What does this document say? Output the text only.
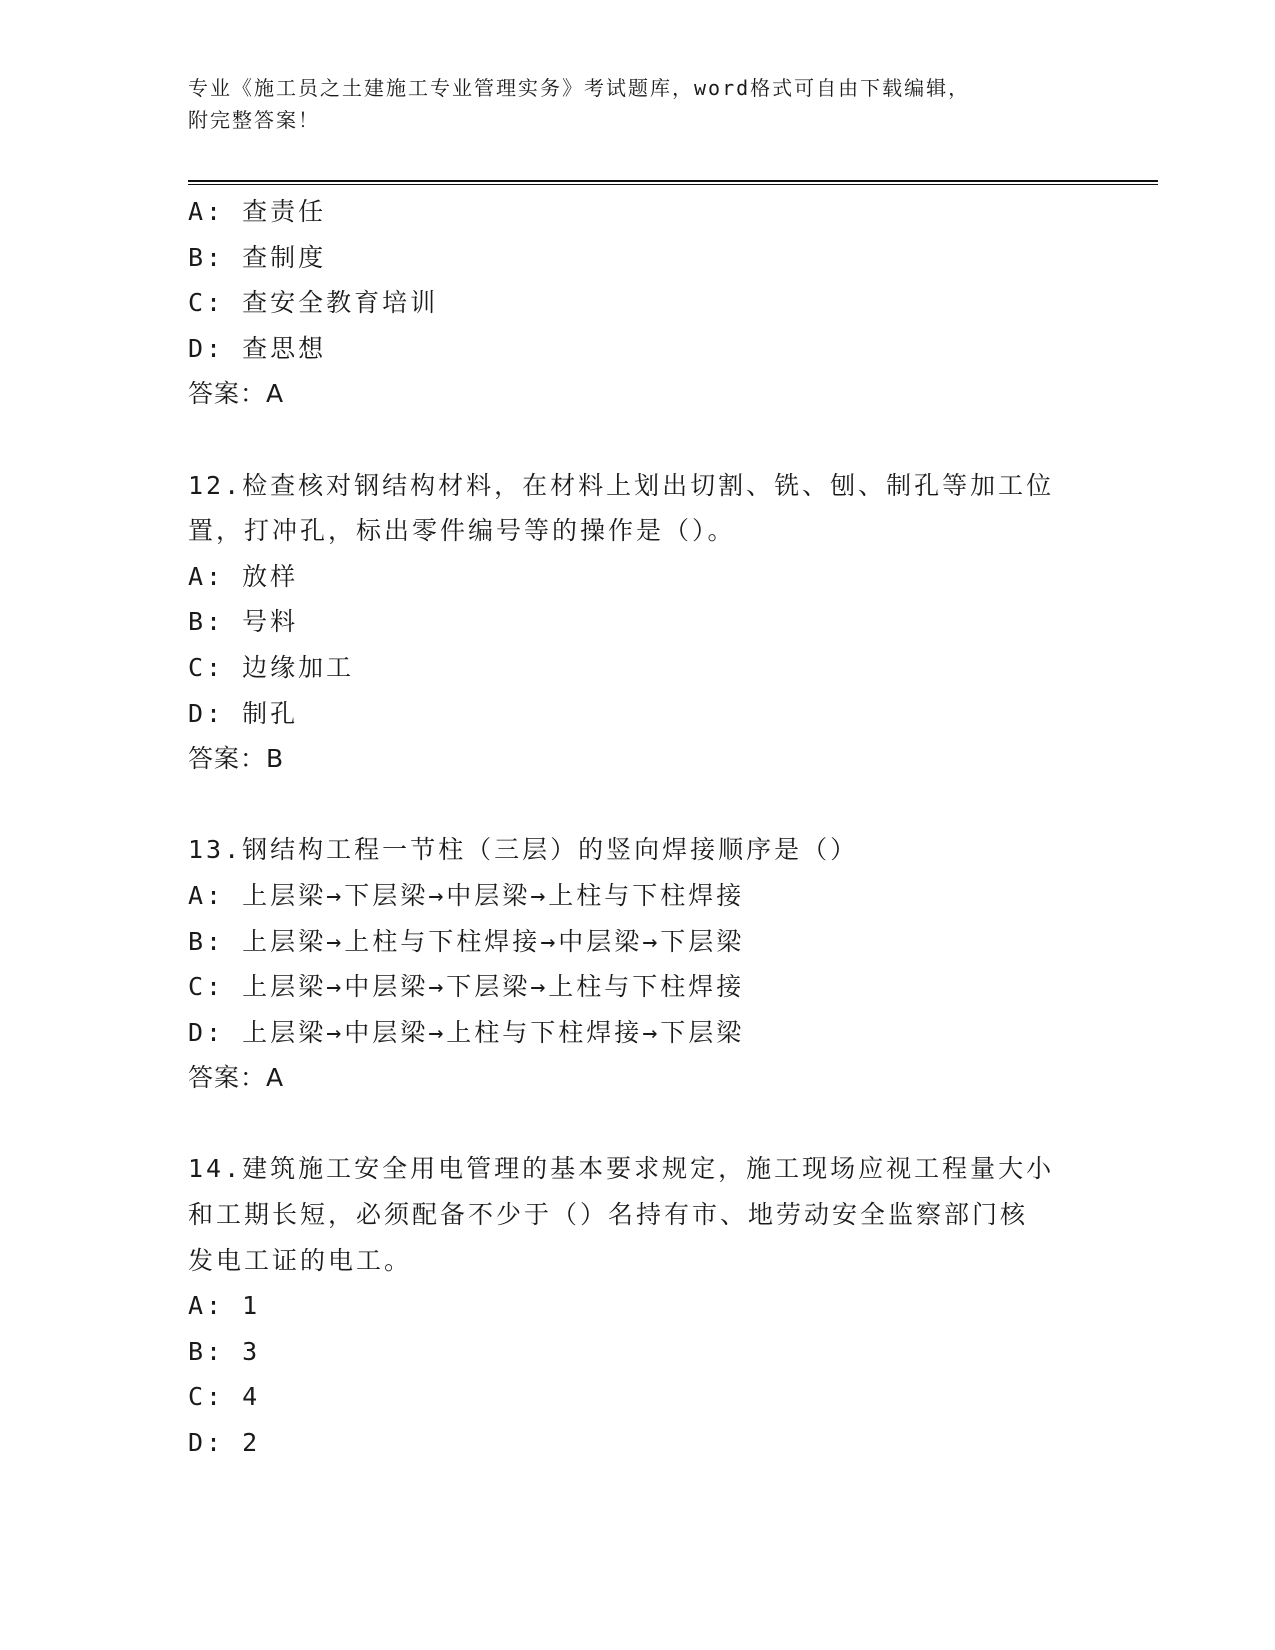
专业《施工员之土建施工专业管理实务》考试题库，word格式可自由下载编辑，
附完整答案！
A: 查责任
B: 查制度
C: 查安全教育培训
D: 查思想
答案：A
12.检查核对钢结构材料，在材料上划出切割、铣、刨、制孔等加工位
置，打冲孔，标出零件编号等的操作是（）。
A: 放样
B: 号料
C: 边缘加工
D: 制孔
答案：B
13.钢结构工程一节柱（三层）的竖向焊接顺序是（）
A: 上层梁→下层梁→中层梁→上柱与下柱焊接
B: 上层梁→上柱与下柱焊接→中层梁→下层梁
C: 上层梁→中层梁→下层梁→上柱与下柱焊接
D: 上层梁→中层梁→上柱与下柱焊接→下层梁
答案：A
14.建筑施工安全用电管理的基本要求规定，施工现场应视工程量大小
和工期长短，必须配备不少于（）名持有市、地劳动安全监察部门核
发电工证的电工。
A: 1
B: 3
C: 4
D: 2
